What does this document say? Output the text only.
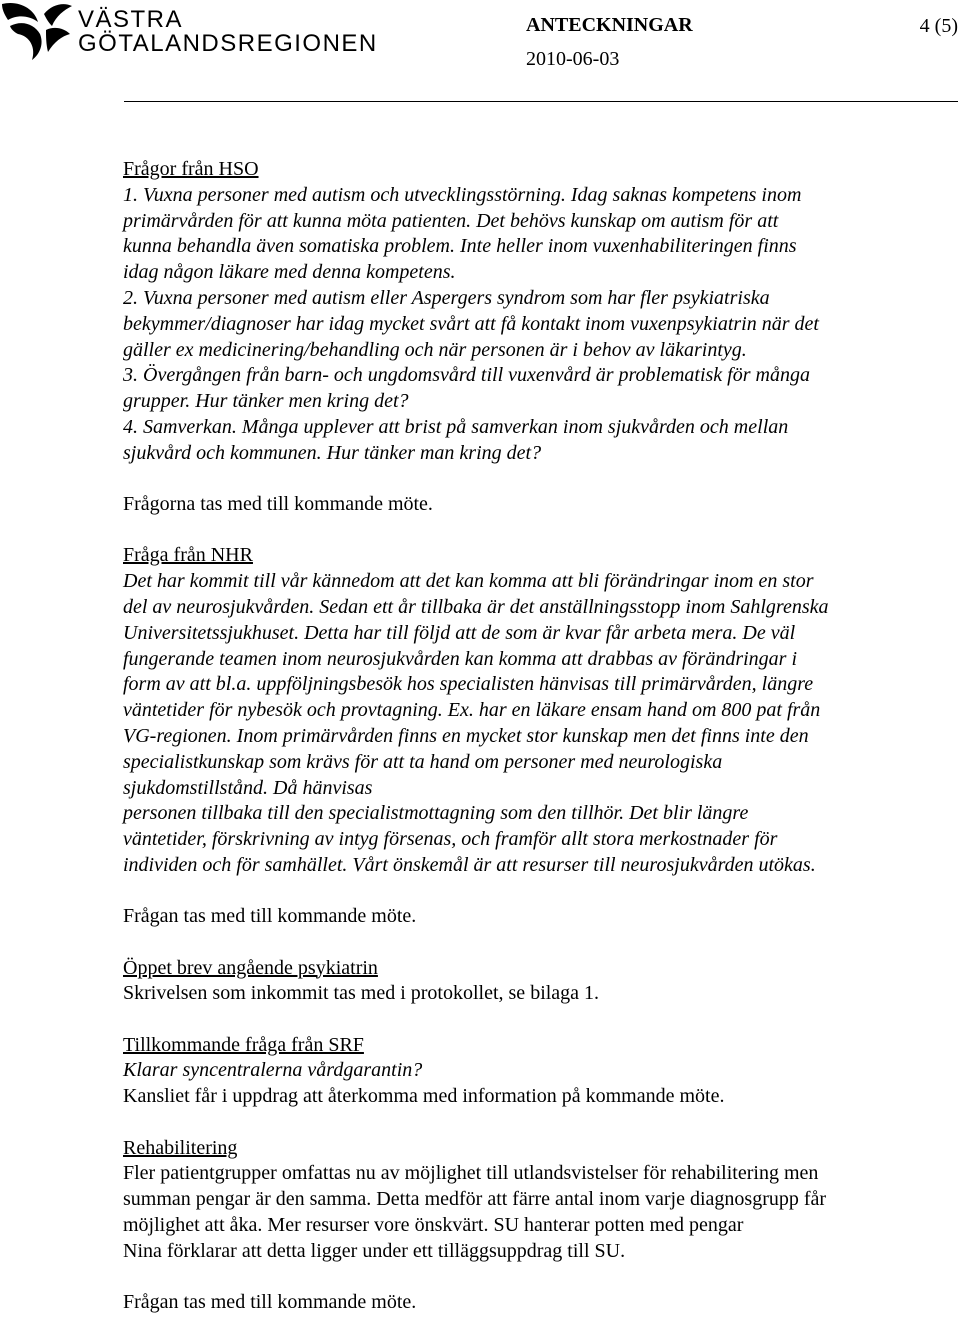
VÄSTRA
GÖTALANDSREGIONEN
ANTECKNINGAR	4 (5)
2010-06-03

Frågor från HSO

1. Vuxna personer med autism och utvecklingsstörning. Idag saknas kompetens inom

primärvården för att kunna möta patienten. Det behövs kunskap om autism för att

kunna behandla även somatiska problem. Inte heller inom vuxenhabiliteringen finns

idag någon läkare med denna kompetens.

2. Vuxna personer med autism eller Aspergers syndrom som har fler psykiatriska

bekymmer/diagnoser har idag mycket svårt att få kontakt inom vuxenpsykiatrin när det

gäller ex medicinering/behandling och när personen är i behov av läkarintyg.

3. Övergången från barn- och ungdomsvård till vuxenvård är problematisk för många

grupper. Hur tänker men kring det?

4. Samverkan. Många upplever att brist på samverkan inom sjukvården och mellan

sjukvård och kommunen. Hur tänker man kring det?

Frågorna tas med till kommande möte.

Fråga från NHR

Det har kommit till vår kännedom att det kan komma att bli förändringar inom en stor

del av neurosjukvården. Sedan ett år tillbaka är det anställningsstopp inom Sahlgrenska

Universitetssjukhuset. Detta har till följd att de som är kvar får arbeta mera. De väl

fungerande teamen inom neurosjukvården kan komma att drabbas av förändringar i

form av att bl.a. uppföljningsbesök hos specialisten hänvisas till primärvården, längre

väntetider för nybesök och provtagning. Ex. har en läkare ensam hand om 800 pat från

VG-regionen. Inom primärvården finns en mycket stor kunskap men det finns inte den

specialistkunskap som krävs för att ta hand om personer med neurologiska

sjukdomstillstånd. Då hänvisas

personen tillbaka till den specialistmottagning som den tillhör. Det blir längre

väntetider, förskrivning av intyg försenas, och framför allt stora merkostnader för

individen och för samhället. Vårt önskemål är att resurser till neurosjukvården utökas.

Frågan tas med till kommande möte.

Öppet brev angående psykiatrin

Skrivelsen som inkommit tas med i protokollet, se bilaga 1.

Tillkommande fråga från SRF

Klarar syncentralerna vårdgarantin?

Kansliet får i uppdrag att återkomma med information på kommande möte.

Rehabilitering

Fler patientgrupper omfattas nu av möjlighet till utlandsvistelser för rehabilitering men

summan pengar är den samma. Detta medför att färre antal inom varje diagnosgrupp får

möjlighet att åka. Mer resurser vore önskvärt. SU hanterar potten med pengar

Nina förklarar att detta ligger under ett tilläggsuppdrag till SU.

Frågan tas med till kommande möte.
